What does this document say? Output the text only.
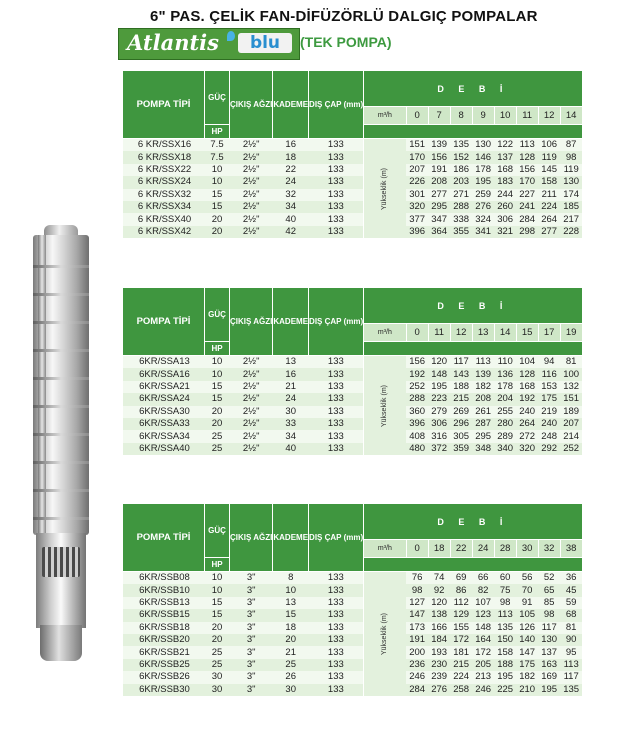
6" PAS. ÇELİK FAN-DİFÜZÖRLÜ DALGIÇ POMPALAR
Atlantis	blu	(TEK POMPA)
POMPA TİPİ	GÜÇ	ÇIKIŞ AĞZI	KADEME	DIŞ ÇAP (mm)	D E B İ								
					m³/h	0	7	8	9	10	11	12	14
	HP											
6 KR/SSX16	7.5	2½"	16	133	Yükseklik (m)	151	139	135	130	122	113	106	87
6 KR/SSX18	7.5	2½"	18	133		170	156	152	146	137	128	119	98
6 KR/SSX22	10	2½"	22	133		207	191	186	178	168	156	145	119
6 KR/SSX24	10	2½"	24	133		226	208	203	195	183	170	158	130
6 KR/SSX32	15	2½"	32	133		301	277	271	259	244	227	211	174
6 KR/SSX34	15	2½"	34	133		320	295	288	276	260	241	224	185
6 KR/SSX40	20	2½"	40	133		377	347	338	324	306	284	264	217
6 KR/SSX42	20	2½"	42	133		396	364	355	341	321	298	277	228
POMPA TİPİ	GÜÇ	ÇIKIŞ AĞZI	KADEME	DIŞ ÇAP (mm)	D E B İ								
					m³/h	0	11	12	13	14	15	17	19
	HP											
6KR/SSA13	10	2½"	13	133	Yükseklik (m)	156	120	117	113	110	104	94	81
6KR/SSA16	10	2½"	16	133		192	148	143	139	136	128	116	100
6KR/SSA21	15	2½"	21	133		252	195	188	182	178	168	153	132
6KR/SSA24	15	2½"	24	133		288	223	215	208	204	192	175	151
6KR/SSA30	20	2½"	30	133		360	279	269	261	255	240	219	189
6KR/SSA33	20	2½"	33	133		396	306	296	287	280	264	240	207
6KR/SSA34	25	2½"	34	133		408	316	305	295	289	272	248	214
6KR/SSA40	25	2½"	40	133		480	372	359	348	340	320	292	252
POMPA TİPİ	GÜÇ	ÇIKIŞ AĞZI	KADEME	DIŞ ÇAP (mm)	D E B İ								
					m³/h	0	18	22	24	28	30	32	38
	HP											
6KR/SSB08	10	3"	8	133	Yükseklik (m)	76	74	69	66	60	56	52	36
6KR/SSB10	10	3"	10	133		98	92	86	82	75	70	65	45
6KR/SSB13	15	3"	13	133		127	120	112	107	98	91	85	59
6KR/SSB15	15	3"	15	133		147	138	129	123	113	105	98	68
6KR/SSB18	20	3"	18	133		173	166	155	148	135	126	117	81
6KR/SSB20	20	3"	20	133		191	184	172	164	150	140	130	90
6KR/SSB21	25	3"	21	133		200	193	181	172	158	147	137	95
6KR/SSB25	25	3"	25	133		236	230	215	205	188	175	163	113
6KR/SSB26	30	3"	26	133		246	239	224	213	195	182	169	117
6KR/SSB30	30	3"	30	133		284	276	258	246	225	210	195	135
